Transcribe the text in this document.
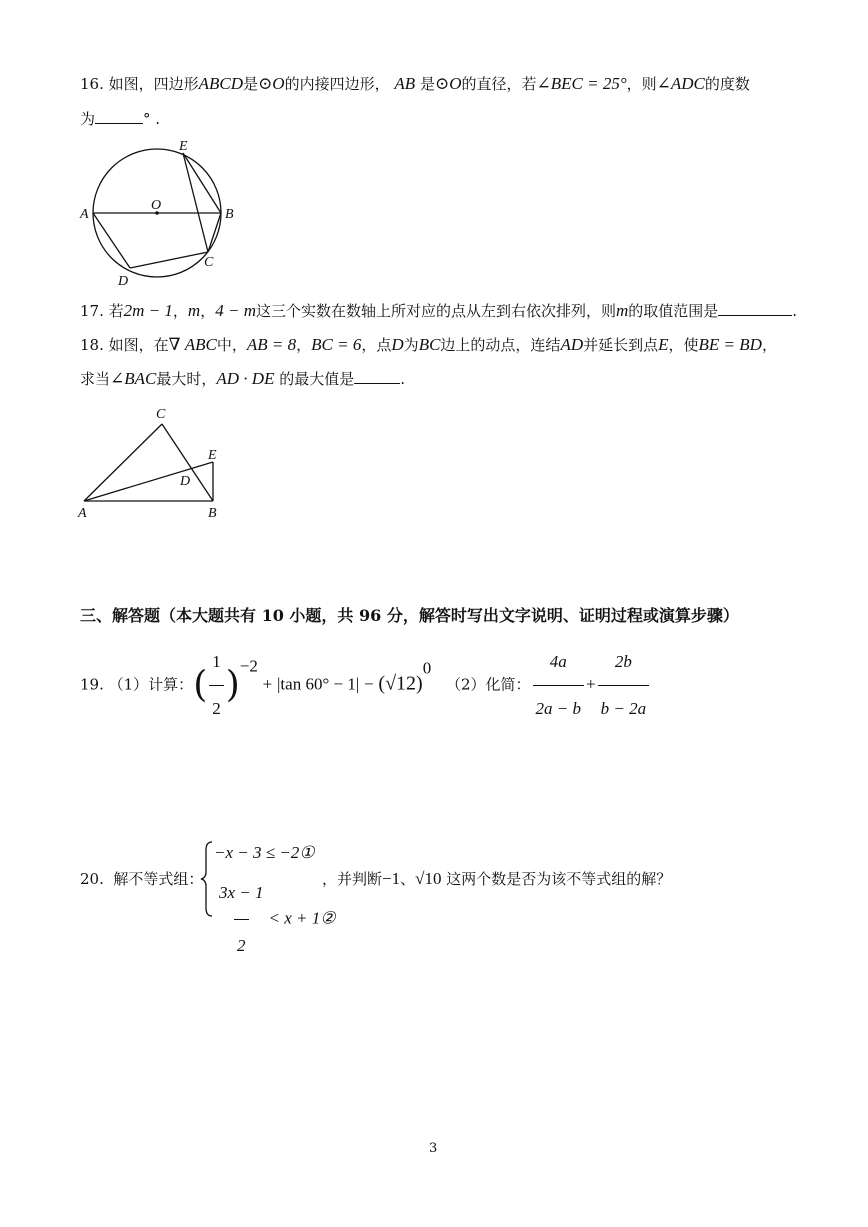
16. 如图，四边形ABCD是⊙O的内接四边形， AB 是⊙O的直径，若∠BEC = 25°，则∠ADC的度数
为	° .
E
O
A	B
D
C
17. 若2m − 1，m，4 − m这三个实数在数轴上所对应的点从左到右依次排列，则m的取值范围是	.
18. 如图，在∇ ABC中，AB = 8，BC = 6，点D为BC边上的动点，连结AD并延长到点E，使BE = BD，
求当∠BAC最大时，AD · DE 的最大值是	.
C
E
D
A	B
三、解答题（本大题共有 10 小题，共 96 分，解答时写出文字说明、证明过程或演算步骤）
19. （1）计算：( $\frac{1}{2} )^{-2} + |\tan$ $60^\circ - 1| - (√12)^0$
（2）化简： $\frac{4a}{2a - b} + \frac{2b}{b - 2a}$
20. 解不等式组：
−x − 3 ≤ −2①
$\frac{3x - 1}{2} < x$ + 1②
，并判断−1、√10 这两个数是否为该不等式组的解？
3
